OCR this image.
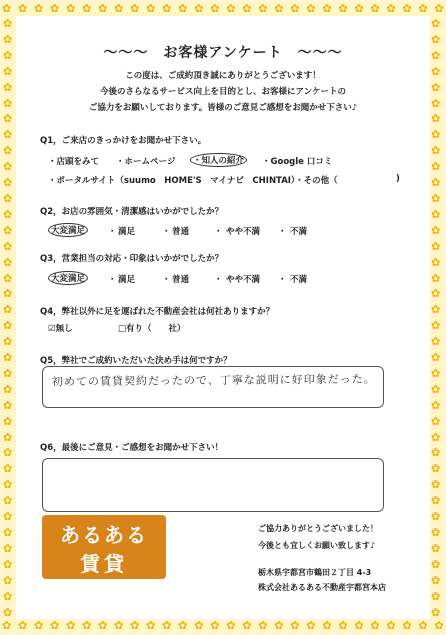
✿ ✿ ✿ ✿ ✿ ✿ ✿ ✿ ✿ ✿ ✿ ✿ ✿ ✿ ✿ ✿ ✿ ✿ ✿ ✿ ✿ ✿ ✿ ✿ ✿ ✿ ✿ ✿
✿ ✿ ✿ ✿ ✿ ✿ ✿ ✿ ✿ ✿ ✿ ✿ ✿ ✿ ✿ ✿ ✿ ✿ ✿ ✿ ✿ ✿ ✿ ✿ ✿ ✿ ✿ ✿
✿
✿
✿
✿
✿
✿
✿
✿
✿
✿
✿
✿
✿
✿
✿
✿
✿
✿
✿
✿
✿
✿
✿
✿
✿
✿
✿
✿
✿
✿
✿
✿
✿
✿
✿
✿
✿
✿
✿
✿
✿
✿
✿
✿
✿
✿
✿
✿
✿
✿
✿
✿
✿
✿
✿
✿
✿
✿
✿
✿
✿
✿
✿
✿
✿
✿
✿
✿
✿
✿
✿
✿
✿
✿
✿
✿
〜〜〜　お客様アンケート　〜〜〜
この度は、ご成約頂き誠にありがとうございます！
今後のさらなるサービス向上を目的とし、お客様にアンケートの
ご協力をお願いしております。皆様のご意見ご感想をお聞かせ下さい♪
Q1，ご来店のきっかけをお聞かせ下さい。
・店頭をみて ・ホームページ	・知人の紹介	・Google 口コミ
・ポータルサイト（suumo　HOME'S　マイナビ　CHINTAI）・その他（	)
Q2，お店の雰囲気・清潔感はいかがでしたか？
大変満足	・ 満足	・ 普通	・ やや不満 ・ 不満
Q3，営業担当の対応・印象はいかがでしたか？
大変満足	・ 満足	・ 普通	・ やや不満 ・ 不満
Q4，弊社以外に足を運ばれた不動産会社は何社ありますか？
☑無し	□有り（　　社）
Q5，弊社でご成約いただいた決め手は何ですか？
初めての賃貸契約だったので、丁寧な説明に好印象だった。
Q6，最後にご意見・ご感想をお聞かせ下さい！
あるある
賃貸
ご協力ありがとうございました！
今後とも宜しくお願い致します♪
栃木県宇都宮市鶴田２丁目 4-3
株式会社あるある不動産宇都宮本店
